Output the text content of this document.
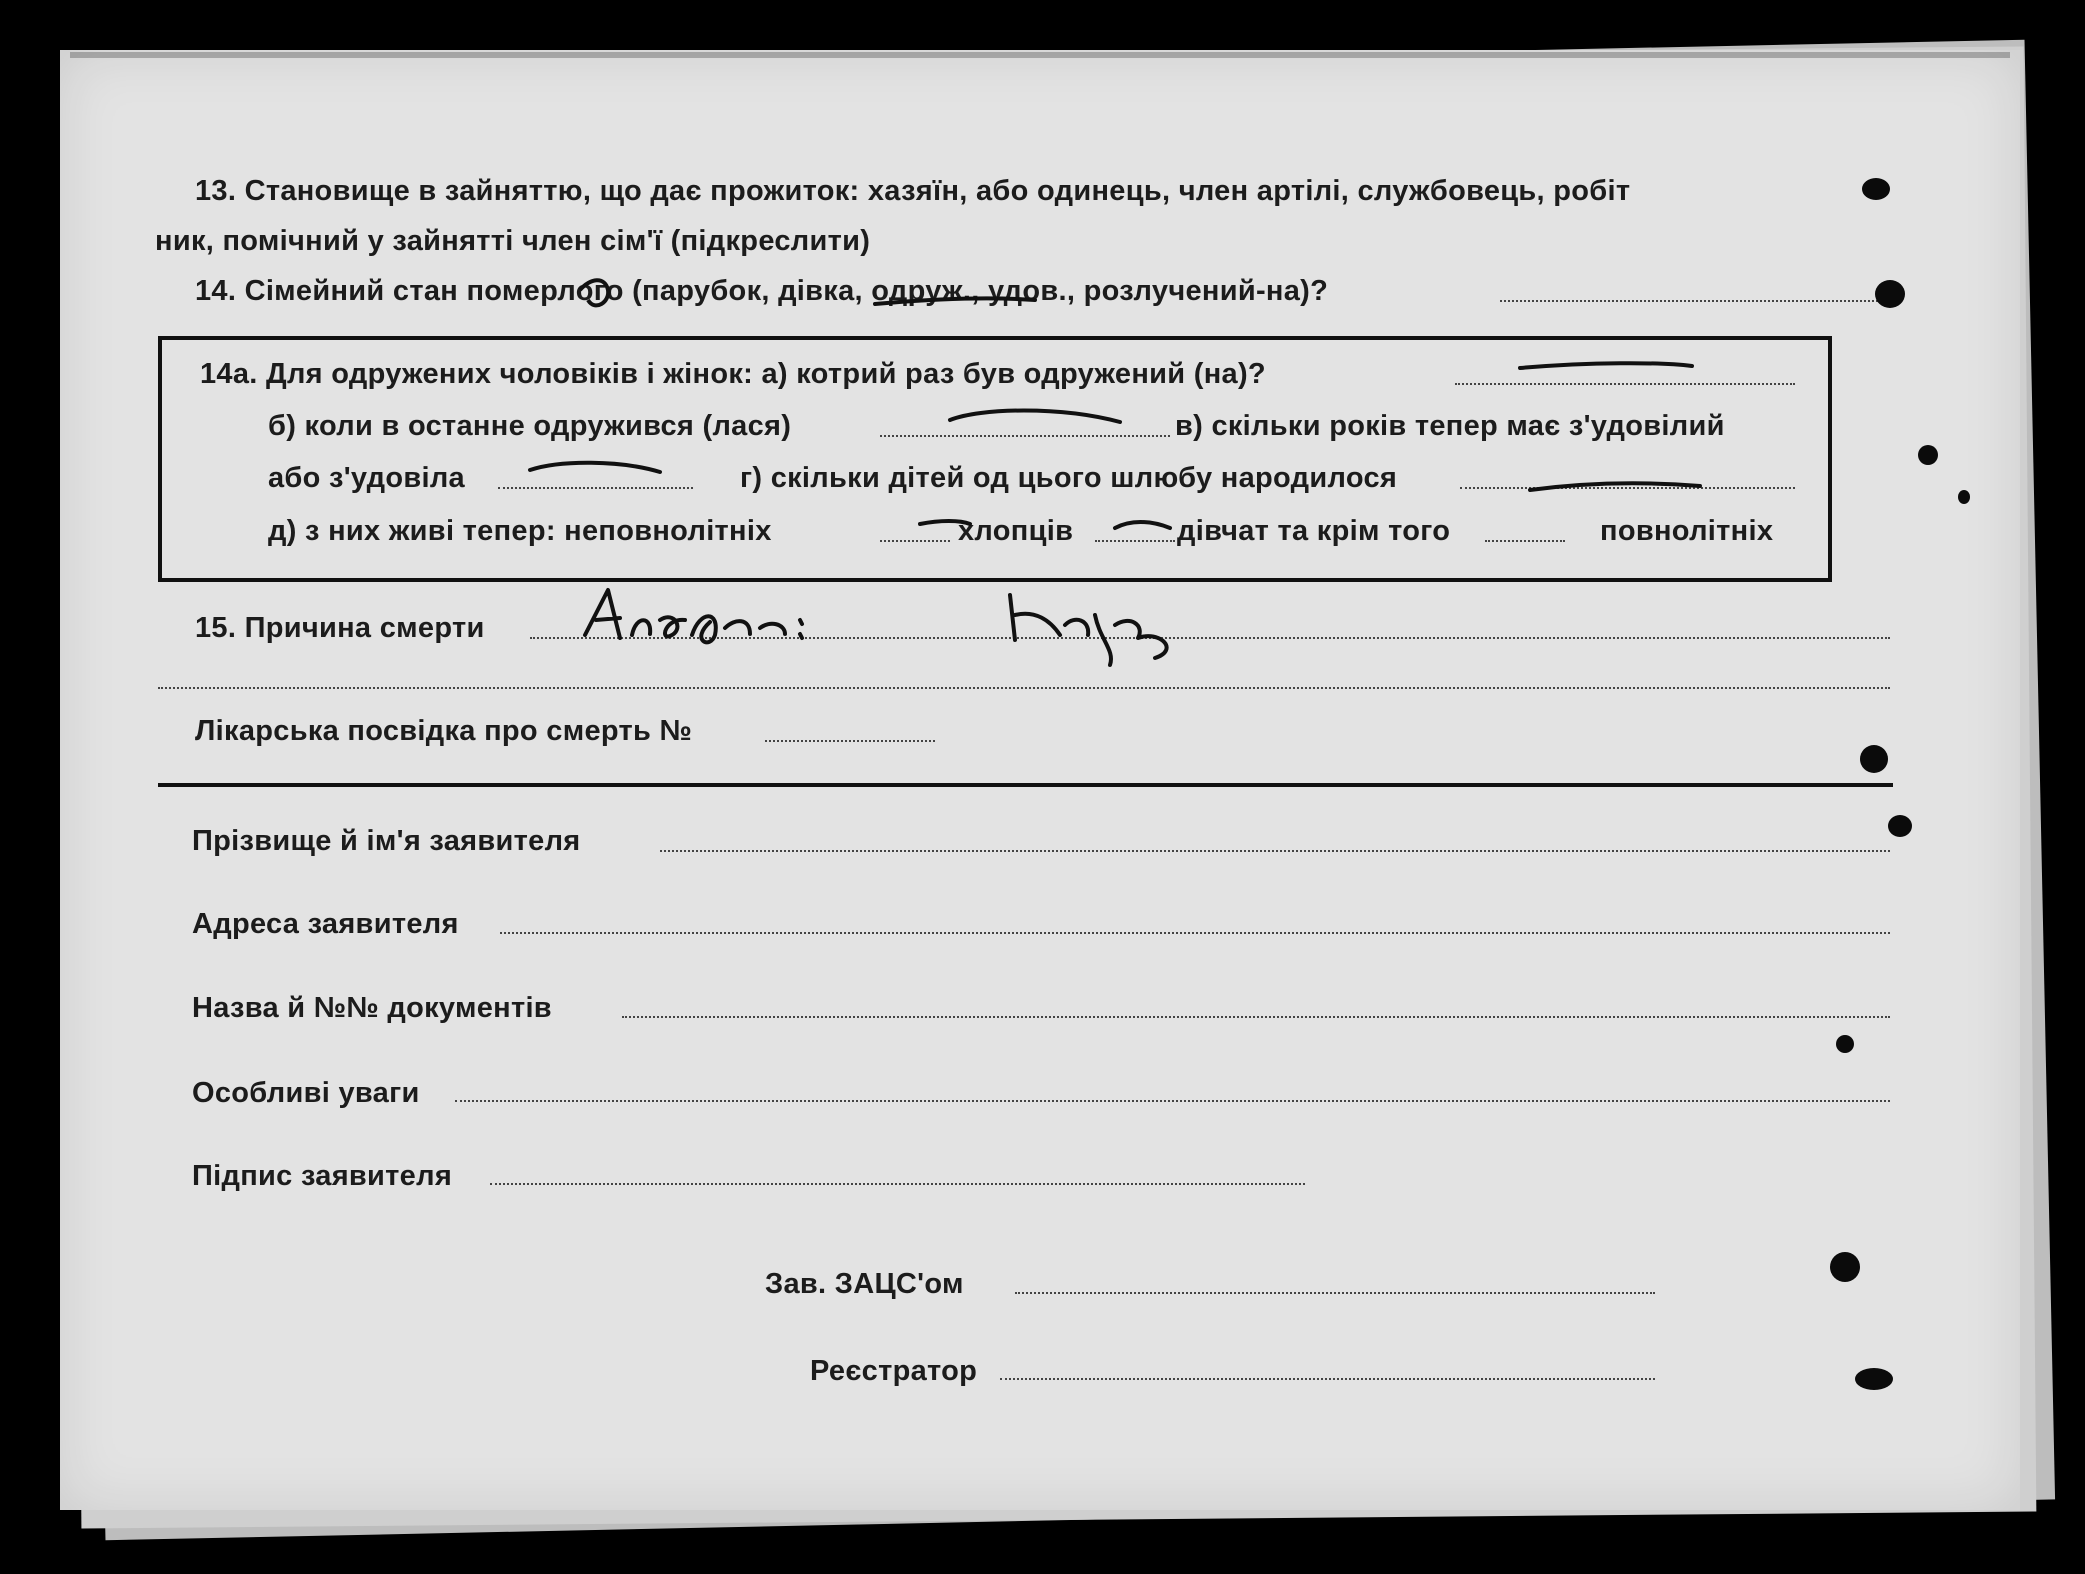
13. Становище в зайняттю, що дає прожиток: хазяїн, або одинець, член артілі, службовець, робіт
ник, помічний у зайнятті член сім'ї (підкреслити)
14. Сімейний стан померлого (парубок, дівка, одруж., удов., розлучений-на)?
14а. Для одружених чоловіків і жінок: а) котрий раз був одружений (на)?
б) коли в останне одружився (лася)	в) скільки років тепер має з'удовілий
або з'удовіла	г) скільки дітей од цього шлюбу народилося
д) з них живі тепер: неповнолітніх	хлопців	дівчат та крім того	повнолітніх
15. Причина смерти
Лікарська посвідка про смерть №
Прізвище й ім'я заявителя
Адреса заявителя
Назва й №№ документів
Особливі уваги
Підпис заявителя
Зав. ЗАЦС'ом
Реєстратор
